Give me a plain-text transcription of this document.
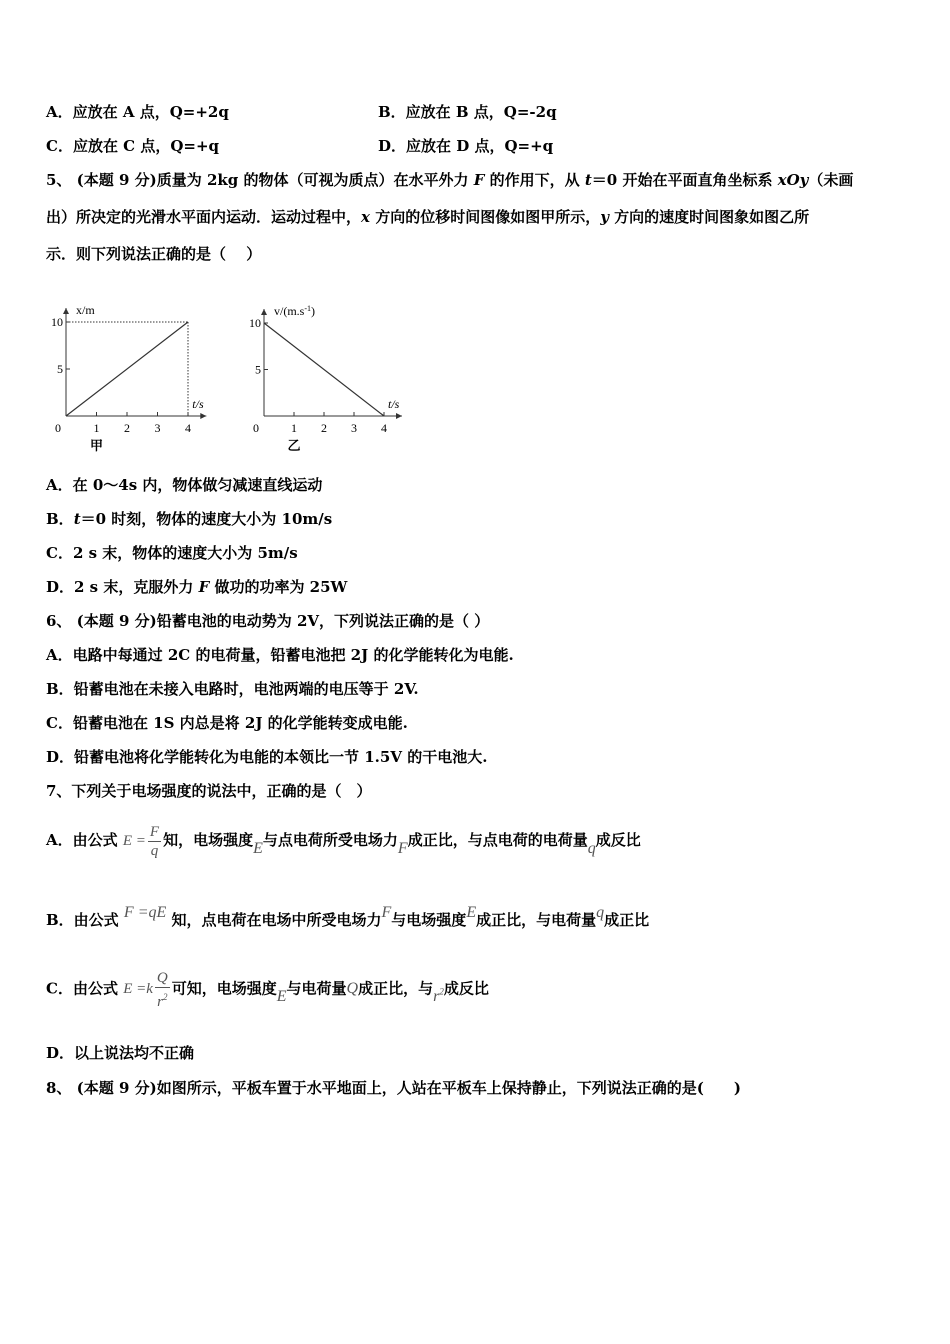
A．应放在 A 点，Q=+2q	B．应放在 B 点，Q=-2q
C．应放在 C 点，Q=+q	D．应放在 D 点，Q=+q
5、 (本题 9 分)质量为 2kg 的物体（可视为质点）在水平外力 F 的作用下，从 t＝0 开始在平面直角坐标系 xOy（未画
出）所决定的光滑水平面内运动．运动过程中，x 方向的位移时间图像如图甲所示，y 方向的速度时间图象如图乙所
示．则下列说法正确的是（　 ）
0	1 2 3 4
5
10
t/s
x/m
甲
0	1 2 3 4
5
10
t/s
$v/(m.s^{-1})$
乙
A．在 0～4s 内，物体做匀减速直线运动
B．t＝0 时刻，物体的速度大小为 10m/s
C．2 s 末，物体的速度大小为 5m/s
D．2 s 末，克服外力 F 做功的功率为 25W
6、 (本题 9 分)铅蓄电池的电动势为 2V，下列说法正确的是（ ）
A．电路中每通过 2C 的电荷量，铅蓄电池把 2J 的化学能转化为电能.
B．铅蓄电池在未接入电路时，电池两端的电压等于 2V.
C．铅蓄电池在 1S 内总是将 2J 的化学能转变成电能.
D．铅蓄电池将化学能转化为电能的本领比一节 1.5V 的干电池大.
7、下列关于电场强度的说法中，正确的是（　）
A．由公式 $E = \frac{F}{q}$ 知，电场强度E与点电荷所受电场力F成正比，与点电荷的电荷量q成反比
B．由公式 F =qE 知，点电荷在电场中所受电场力F与电场强度E成正比，与电荷量q成正比
C．由公式 $E =k \frac{Q}{r^2}$ 可知，电场强度E与电荷量Q成正比，与$r^2$成反比
D．以上说法均不正确
8、 (本题 9 分)如图所示，平板车置于水平地面上，人站在平板车上保持静止，下列说法正确的是(　　)
